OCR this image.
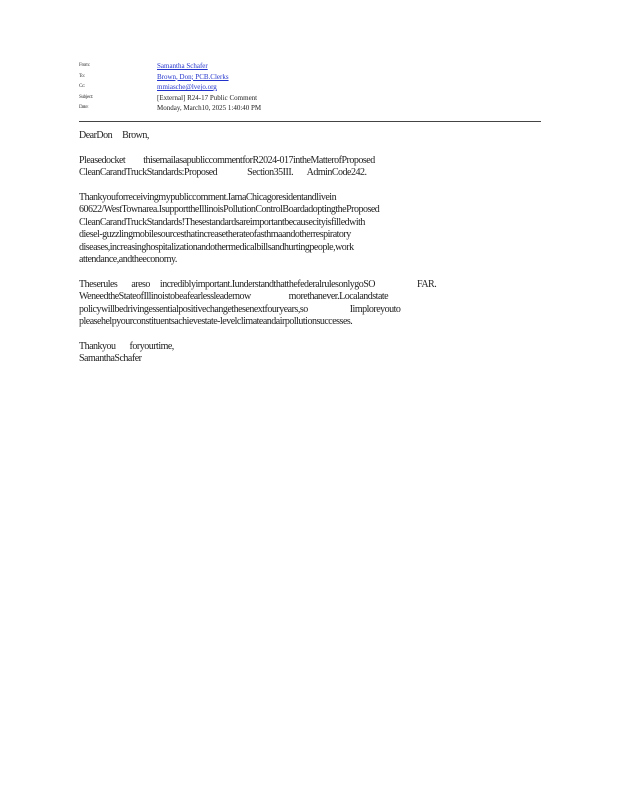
From:	Samantha Schafer
To:	Brown, Don; PCB.Clerks
Cc:	mmiasche@lvejo.org
Subject:	[External] R24-17 Public Comment
Date:	Monday, March10, 2025 1:40:40 PM

DearDon     Brown,

Pleasedocket         thisemailasapubliccommentforR2024-017intheMatterofProposed
CleanCarandTruckStandards:Proposed               Section35III.       AdminCode242.

Thankyouforreceivingmypubliccomment.IamaChicagoresidentandlivein
60622/WestTownarea.IsupporttheIllinoisPollutionControlBoardadoptingtheProposed
CleanCarandTruckStandards!Thesestandardsareimportantbecausecityisfilledwith
diesel-guzzlingmobilesourcesthatincreasetherateofasthmaandotherrespiratory
diseases,increasinghospitalizationandothermedicalbillsandhurtingpeople,work
attendance,andtheeconomy.

Theserules       areso     incrediblyimportant.IunderstandthatthefederalrulesonlygoSO                     FAR.
WeneedtheStateofIllinoistobeafearlessleadernow                   morethanever.Localandstate
policywillbedrivingessentialpositivechangethesenextfouryears,so                     Iimploreyouto
pleasehelpyourconstituentsachievestate-levelclimateandairpollutionsuccesses.

Thankyou       foryourtime,
SamanthaSchafer
